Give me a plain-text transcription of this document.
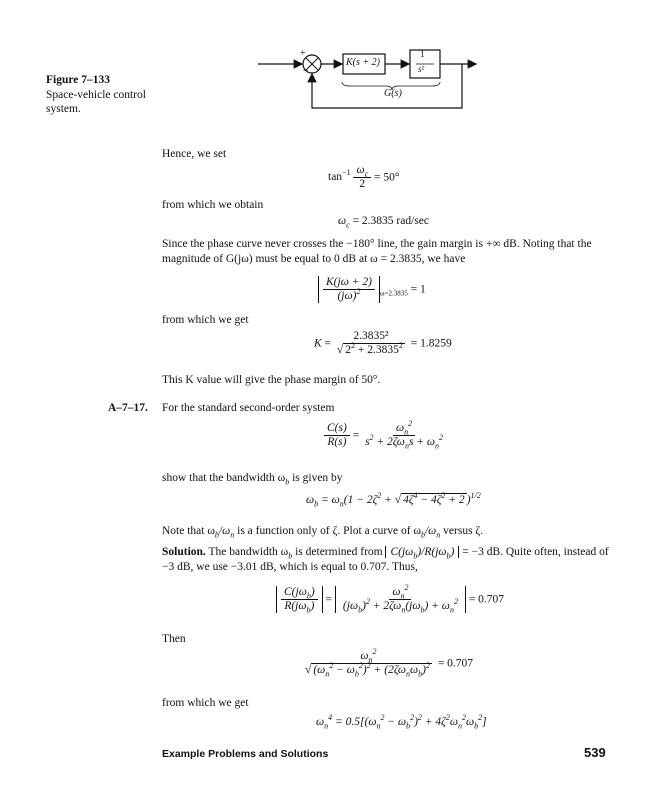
Figure 7–133
Space-vehicle control
system.
+
−
K(s + 2)
1
s²
G(s)
Hence, we set
$\tan^{-1} \frac{\omega_c}{2} = 50^\circ$
from which we obtain
$\omega_c = 2.3835$ rad/sec
Since the phase curve never crosses the −180° line, the gain margin is +∞ dB. Noting that the
magnitude of G(jω) must be equal to 0 dB at ω = 2.3835, we have
$\frac{K(j\omega + 2)}{(j\omega)^2} _{\omega=2.3835} = 1$
from which we get
$K = \frac{\text{2.3835²}}{√ 2^2 + 2.3835^2} = 1.8259$
This K value will give the phase margin of 50°.
A–7–17. For the standard second-order system
$\frac{C(s)}{R(s)} = \frac{\omega_n^2}{s^2 + 2\zeta\omega_ns + \omega_n^2}$
show that the bandwidth $\omega_b$ is given by
$\omega_b = \omega_n(1 - 2\zeta^2$ + √ $4\zeta^4 - 4\zeta^2 + 2$ )$^{1/2}$
Note that $\omega_b/\omega_n$ is a function only of ζ. Plot a curve of $\omega_b/\omega_n$ versus ζ.
Solution. The bandwidth $\omega_b$ is determined from $C(j\omega_b)/R(j\omega_b) = -3$ dB. Quite often, instead of
−3 dB, we use −3.01 dB, which is equal to 0.707. Thus,
$\frac{C(j\omega_b)}{R(j\omega_b)} = \frac{\omega_n^2}{(j\omega_b)^2 + 2\zeta\omega_n(j\omega_b) + \omega_n^2} = 0.707$
Then
$\frac{\omega_n^2}{√ (\omega_n^2 - \omega_b^2)^2 + (2\zeta\omega_n\omega_b)^2} = 0.707$
from which we get
$\omega_n^4 = 0.5[(\omega_n^2 - \omega_b^2)^2 + 4\zeta^2\omega_n^2\omega_b^2]$
Example Problems and Solutions	539
